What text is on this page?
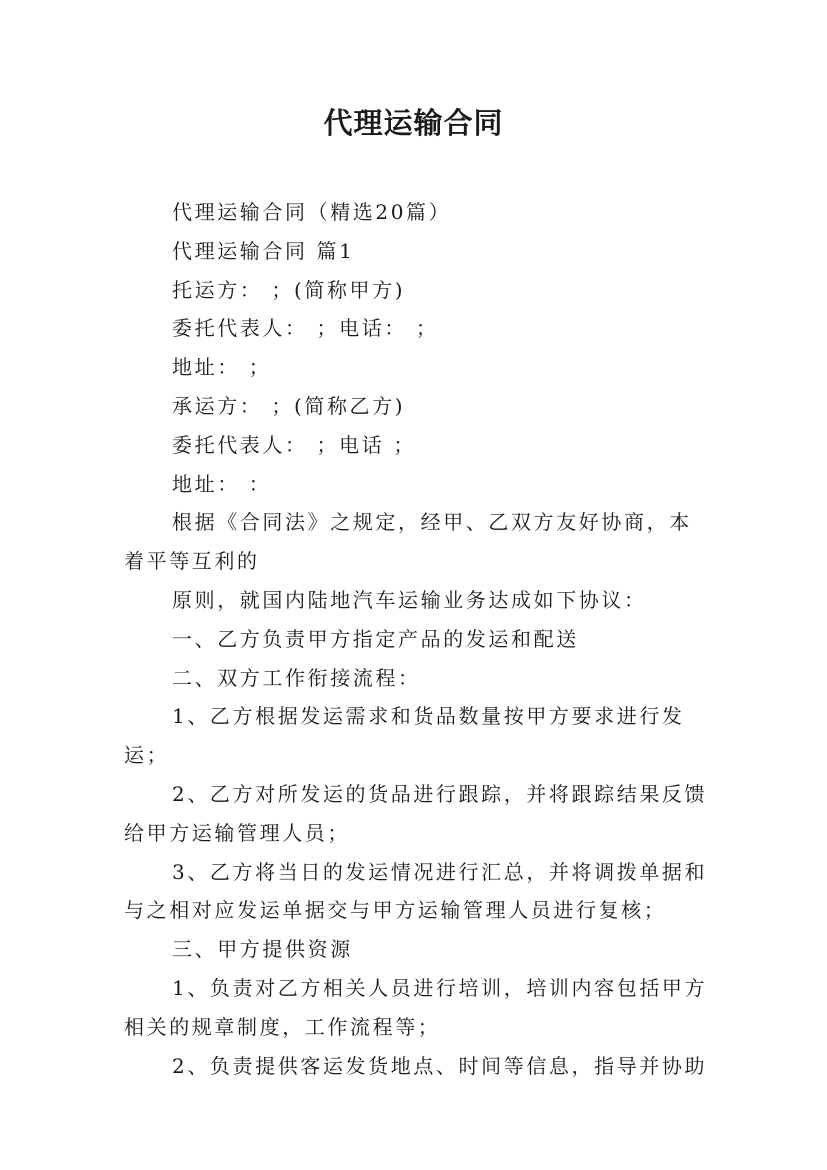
代理运输合同

代理运输合同（精选20篇）

代理运输合同 篇1

托运方： ；(简称甲方)

委托代表人： ；电话： ；

地址： ；

承运方： ；(简称乙方)

委托代表人： ；电话 ；

地址： ：

根据《合同法》之规定，经甲、乙双方友好协商，本着平等互利的

原则，就国内陆地汽车运输业务达成如下协议：

一、乙方负责甲方指定产品的发运和配送

二、双方工作衔接流程：

1、乙方根据发运需求和货品数量按甲方要求进行发运；

2、乙方对所发运的货品进行跟踪，并将跟踪结果反馈给甲方运输管理人员；

3、乙方将当日的发运情况进行汇总，并将调拨单据和与之相对应发运单据交与甲方运输管理人员进行复核；

三、甲方提供资源

1、负责对乙方相关人员进行培训，培训内容包括甲方相关的规章制度，工作流程等；

2、负责提供客运发货地点、时间等信息，指导并协助
